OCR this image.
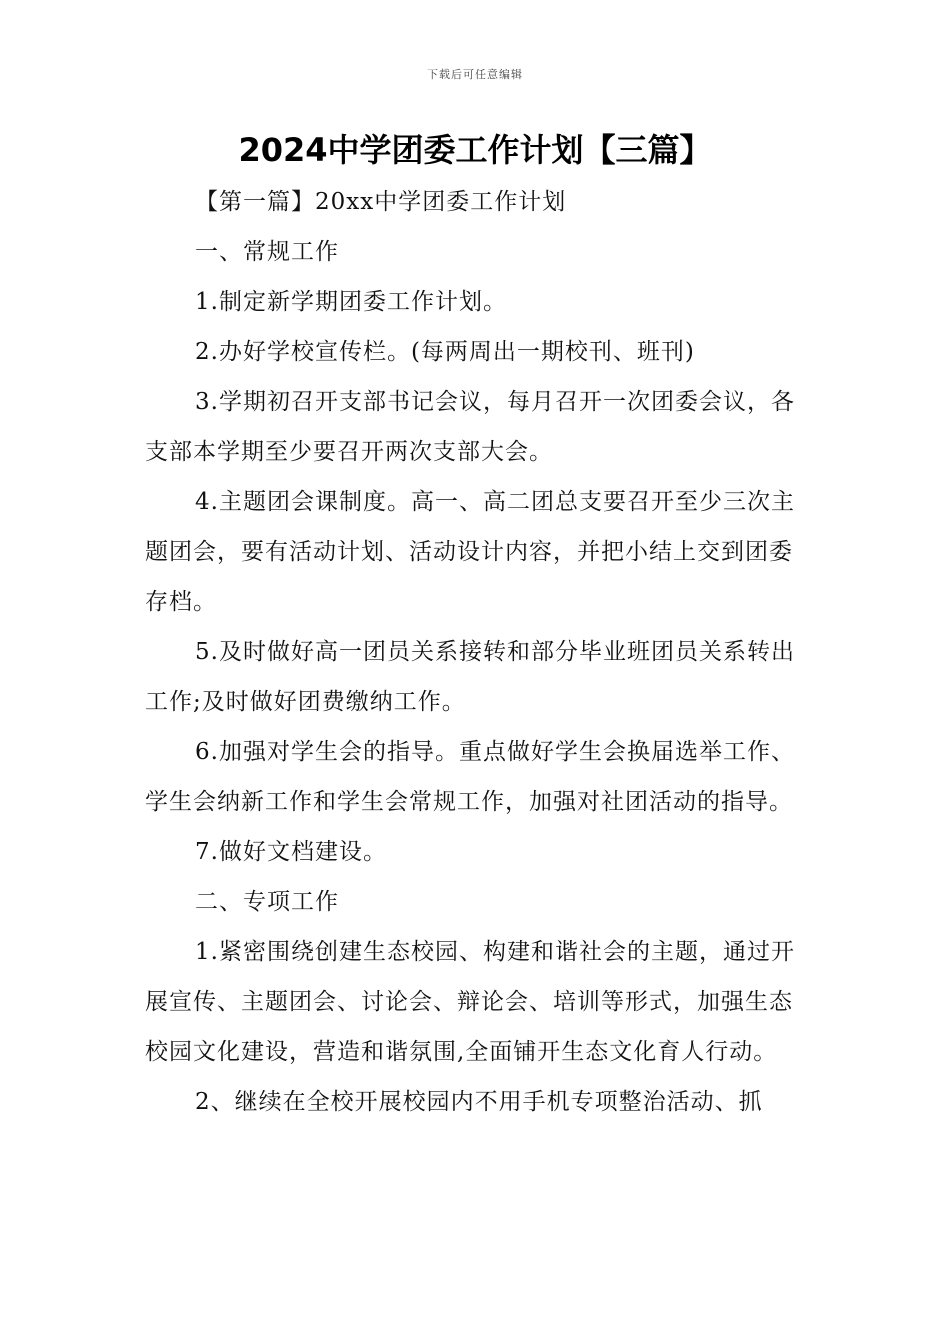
下载后可任意编辑
2024中学团委工作计划【三篇】

【第一篇】20xx中学团委工作计划

一、常规工作

1.制定新学期团委工作计划。

2.办好学校宣传栏。(每两周出一期校刊、班刊)

3.学期初召开支部书记会议，每月召开一次团委会议，各支部本学期至少要召开两次支部大会。

4.主题团会课制度。高一、高二团总支要召开至少三次主题团会，要有活动计划、活动设计内容，并把小结上交到团委存档。

5.及时做好高一团员关系接转和部分毕业班团员关系转出工作;及时做好团费缴纳工作。

6.加强对学生会的指导。重点做好学生会换届选举工作、学生会纳新工作和学生会常规工作，加强对社团活动的指导。

7.做好文档建设。

二、专项工作

1.紧密围绕创建生态校园、构建和谐社会的主题，通过开展宣传、主题团会、讨论会、辩论会、培训等形式，加强生态校园文化建设，营造和谐氛围,全面铺开生态文化育人行动。

2、继续在全校开展校园内不用手机专项整治活动、抓
